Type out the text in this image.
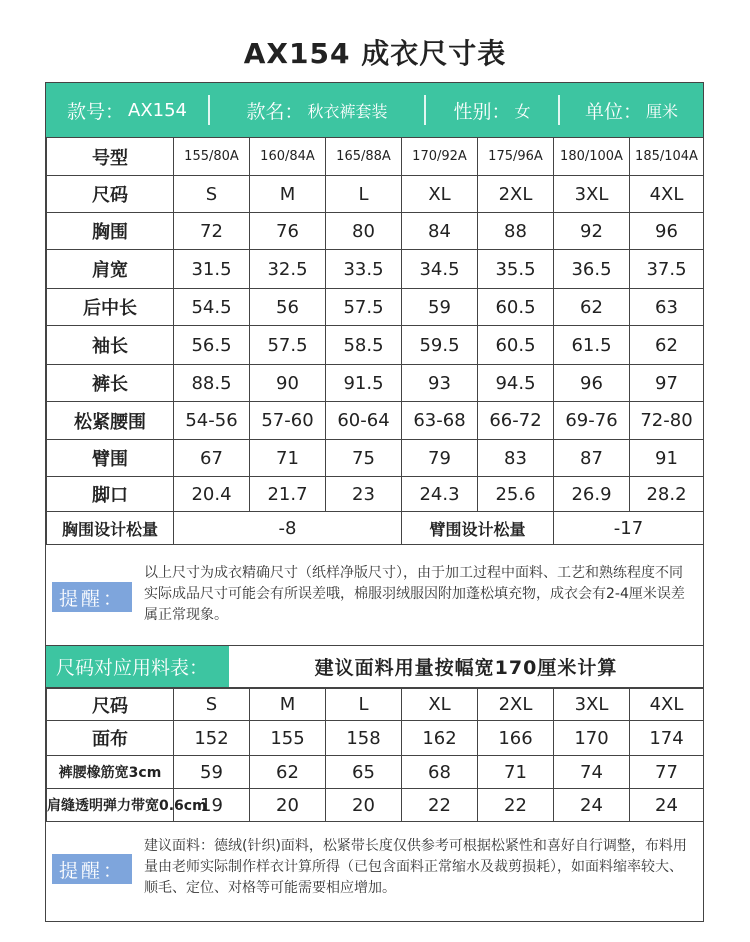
AX154 成衣尺寸表
款号： AX154	款名： 秋衣裤套装	性别： 女	单位： 厘米
号型	155/80A	160/84A	165/88A	170/92A	175/96A	180/100A	185/104A
尺码	S	M	L	XL	2XL	3XL	4XL
胸围	72	76	80	84	88	92	96
肩宽	31.5	32.5	33.5	34.5	35.5	36.5	37.5
后中长	54.5	56	57.5	59	60.5	62	63
袖长	56.5	57.5	58.5	59.5	60.5	61.5	62
裤长	88.5	90	91.5	93	94.5	96	97
松紧腰围	54-56	57-60	60-64	63-68	66-72	69-76	72-80
臂围	67	71	75	79	83	87	91
脚口	20.4	21.7	23	24.3	25.6	26.9	28.2
胸围设计松量	-8			臂围设计松量		-17	
提醒：
以上尺寸为成衣精确尺寸（纸样净版尺寸），由于加工过程中面料、工艺和熟练程度不同实际成品尺寸可能会有所误差哦，棉服羽绒服因附加蓬松填充物，成衣会有2-4厘米误差属正常现象。
尺码对应用料表：	建议面料用量按幅宽170厘米计算
尺码	S	M	L	XL	2XL	3XL	4XL
面布	152	155	158	162	166	170	174
裤腰橡筋宽3cm	59	62	65	68	71	74	77
肩缝透明弹力带宽0.6cm	19	20	20	22	22	24	24
提醒：
建议面料：德绒(针织)面料，松紧带长度仅供参考可根据松紧性和喜好自行调整，布料用量由老师实际制作样衣计算所得（已包含面料正常缩水及裁剪损耗），如面料缩率较大、顺毛、定位、对格等可能需要相应增加。
